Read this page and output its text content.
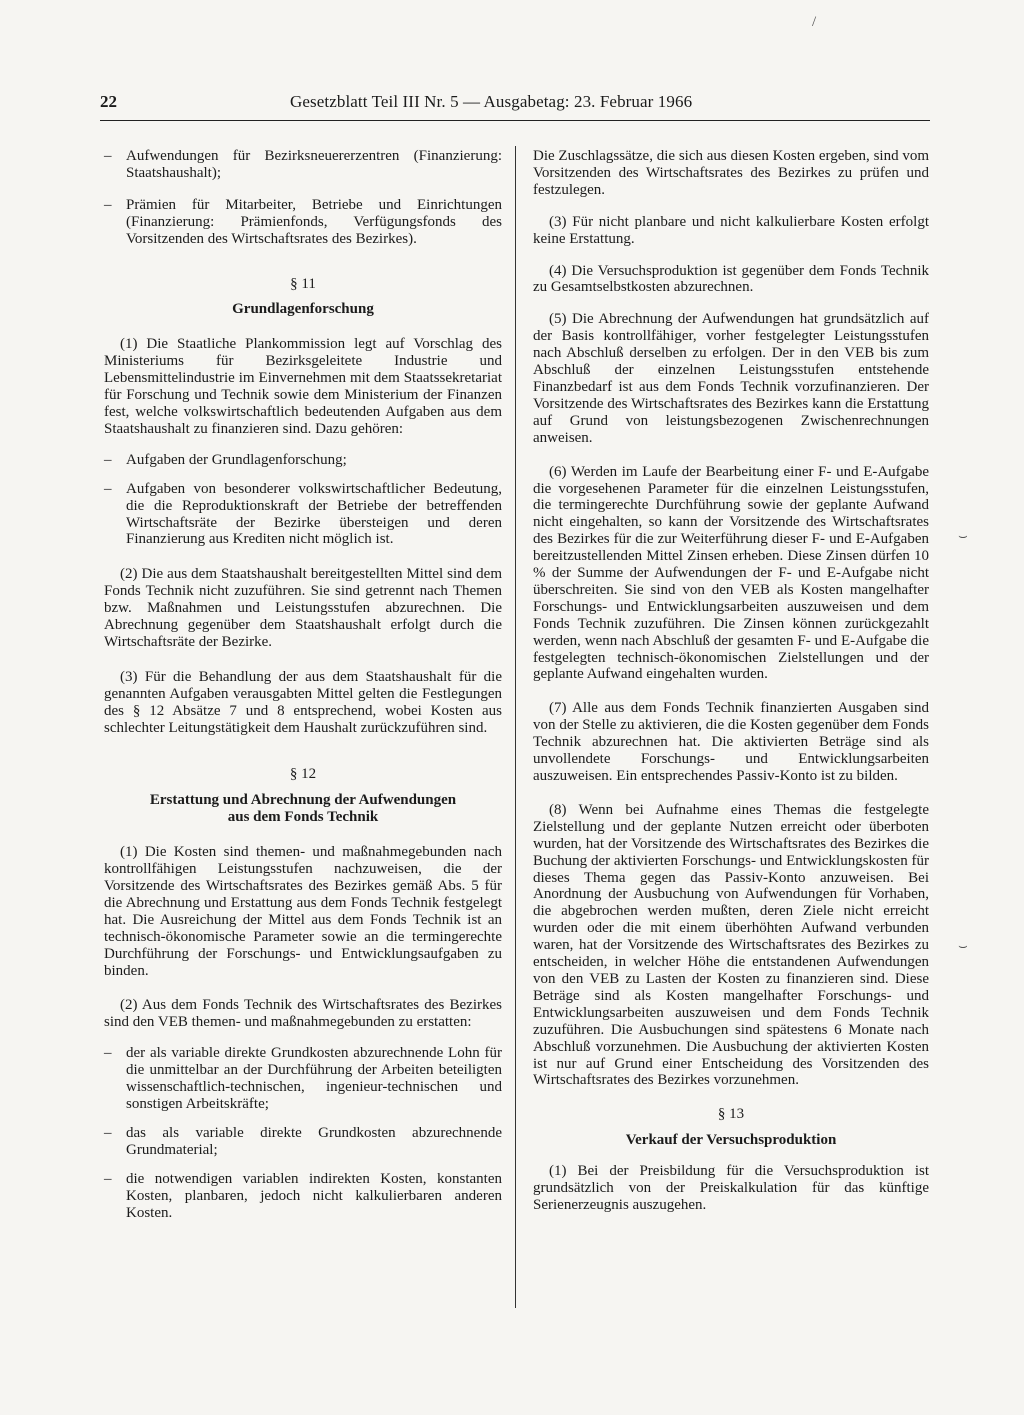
22	Gesetzblatt Teil III Nr. 5 — Ausgabetag: 23. Februar 1966
– Aufwendungen für Bezirksneuererzentren (Finanzierung: Staatshaushalt);
– Prämien für Mitarbeiter, Betriebe und Einrichtungen (Finanzierung: Prämienfonds, Verfügungsfonds des Vorsitzenden des Wirtschaftsrates des Bezirkes).
§ 11
Grundlagenforschung

(1) Die Staatliche Plankommission legt auf Vorschlag des Ministeriums für Bezirksgeleitete Industrie und Lebensmittelindustrie im Einvernehmen mit dem Staatssekretariat für Forschung und Technik sowie dem Ministerium der Finanzen fest, welche volkswirtschaftlich bedeutenden Aufgaben aus dem Staatshaushalt zu finanzieren sind. Dazu gehören:

– Aufgaben der Grundlagenforschung;
– Aufgaben von besonderer volkswirtschaftlicher Bedeutung, die die Reproduktionskraft der Betriebe der betreffenden Wirtschaftsräte der Bezirke übersteigen und deren Finanzierung aus Krediten nicht möglich ist.

(2) Die aus dem Staatshaushalt bereitgestellten Mittel sind dem Fonds Technik nicht zuzuführen. Sie sind getrennt nach Themen bzw. Maßnahmen und Leistungsstufen abzurechnen. Die Abrechnung gegenüber dem Staatshaushalt erfolgt durch die Wirtschaftsräte der Bezirke.

(3) Für die Behandlung der aus dem Staatshaushalt für die genannten Aufgaben verausgabten Mittel gelten die Festlegungen des § 12 Absätze 7 und 8 entsprechend, wobei Kosten aus schlechter Leitungstätigkeit dem Haushalt zurückzuführen sind.

§ 12
Erstattung und Abrechnung der Aufwendungen
aus dem Fonds Technik

(1) Die Kosten sind themen- und maßnahmegebunden nach kontrollfähigen Leistungsstufen nachzuweisen, die der Vorsitzende des Wirtschaftsrates des Bezirkes gemäß Abs. 5 für die Abrechnung und Erstattung aus dem Fonds Technik festgelegt hat. Die Ausreichung der Mittel aus dem Fonds Technik ist an technisch-ökonomische Parameter sowie an die termingerechte Durchführung der Forschungs- und Entwicklungsaufgaben zu binden.

(2) Aus dem Fonds Technik des Wirtschaftsrates des Bezirkes sind den VEB themen- und maßnahmegebunden zu erstatten:

– der als variable direkte Grundkosten abzurechnende Lohn für die unmittelbar an der Durchführung der Arbeiten beteiligten wissenschaftlich-technischen, ingenieur-technischen und sonstigen Arbeitskräfte;
– das als variable direkte Grundkosten abzurechnende Grundmaterial;
– die notwendigen variablen indirekten Kosten, konstanten Kosten, planbaren, jedoch nicht kalkulierbaren anderen Kosten.

Die Zuschlagssätze, die sich aus diesen Kosten ergeben, sind vom Vorsitzenden des Wirtschaftsrates des Bezirkes zu prüfen und festzulegen.

(3) Für nicht planbare und nicht kalkulierbare Kosten erfolgt keine Erstattung.

(4) Die Versuchsproduktion ist gegenüber dem Fonds Technik zu Gesamtselbstkosten abzurechnen.

(5) Die Abrechnung der Aufwendungen hat grundsätzlich auf der Basis kontrollfähiger, vorher festgelegter Leistungsstufen nach Abschluß derselben zu erfolgen. Der in den VEB bis zum Abschluß der einzelnen Leistungsstufen entstehende Finanzbedarf ist aus dem Fonds Technik vorzufinanzieren. Der Vorsitzende des Wirtschaftsrates des Bezirkes kann die Erstattung auf Grund von leistungsbezogenen Zwischenrechnungen anweisen.

(6) Werden im Laufe der Bearbeitung einer F- und E-Aufgabe die vorgesehenen Parameter für die einzelnen Leistungsstufen, die termingerechte Durchführung sowie der geplante Aufwand nicht eingehalten, so kann der Vorsitzende des Wirtschaftsrates des Bezirkes für die zur Weiterführung dieser F- und E-Aufgaben bereitzustellenden Mittel Zinsen erheben. Diese Zinsen dürfen 10 % der Summe der Aufwendungen der F- und E-Aufgabe nicht überschreiten. Sie sind von den VEB als Kosten mangelhafter Forschungs- und Entwicklungsarbeiten auszuweisen und dem Fonds Technik zuzuführen. Die Zinsen können zurückgezahlt werden, wenn nach Abschluß der gesamten F- und E-Aufgabe die festgelegten technisch-ökonomischen Zielstellungen und der geplante Aufwand eingehalten wurden.

(7) Alle aus dem Fonds Technik finanzierten Ausgaben sind von der Stelle zu aktivieren, die die Kosten gegenüber dem Fonds Technik abzurechnen hat. Die aktivierten Beträge sind als unvollendete Forschungs- und Entwicklungsarbeiten auszuweisen. Ein entsprechendes Passiv-Konto ist zu bilden.

(8) Wenn bei Aufnahme eines Themas die festgelegte Zielstellung und der geplante Nutzen erreicht oder überboten wurden, hat der Vorsitzende des Wirtschaftsrates des Bezirkes die Buchung der aktivierten Forschungs- und Entwicklungskosten für dieses Thema gegen das Passiv-Konto anzuweisen. Bei Anordnung der Ausbuchung von Aufwendungen für Vorhaben, die abgebrochen werden mußten, deren Ziele nicht erreicht wurden oder die mit einem überhöhten Aufwand verbunden waren, hat der Vorsitzende des Wirtschaftsrates des Bezirkes zu entscheiden, in welcher Höhe die entstandenen Aufwendungen von den VEB zu Lasten der Kosten zu finanzieren sind. Diese Beträge sind als Kosten mangelhafter Forschungs- und Entwicklungsarbeiten auszuweisen und dem Fonds Technik zuzuführen. Die Ausbuchungen sind spätestens 6 Monate nach Abschluß vorzunehmen. Die Ausbuchung der aktivierten Kosten ist nur auf Grund einer Entscheidung des Vorsitzenden des Wirtschaftsrates des Bezirkes vorzunehmen.

§ 13
Verkauf der Versuchsproduktion

(1) Bei der Preisbildung für die Versuchsproduktion ist grundsätzlich von der Preiskalkulation für das künftige Serienerzeugnis auszugehen.

/
⌣
⌣
